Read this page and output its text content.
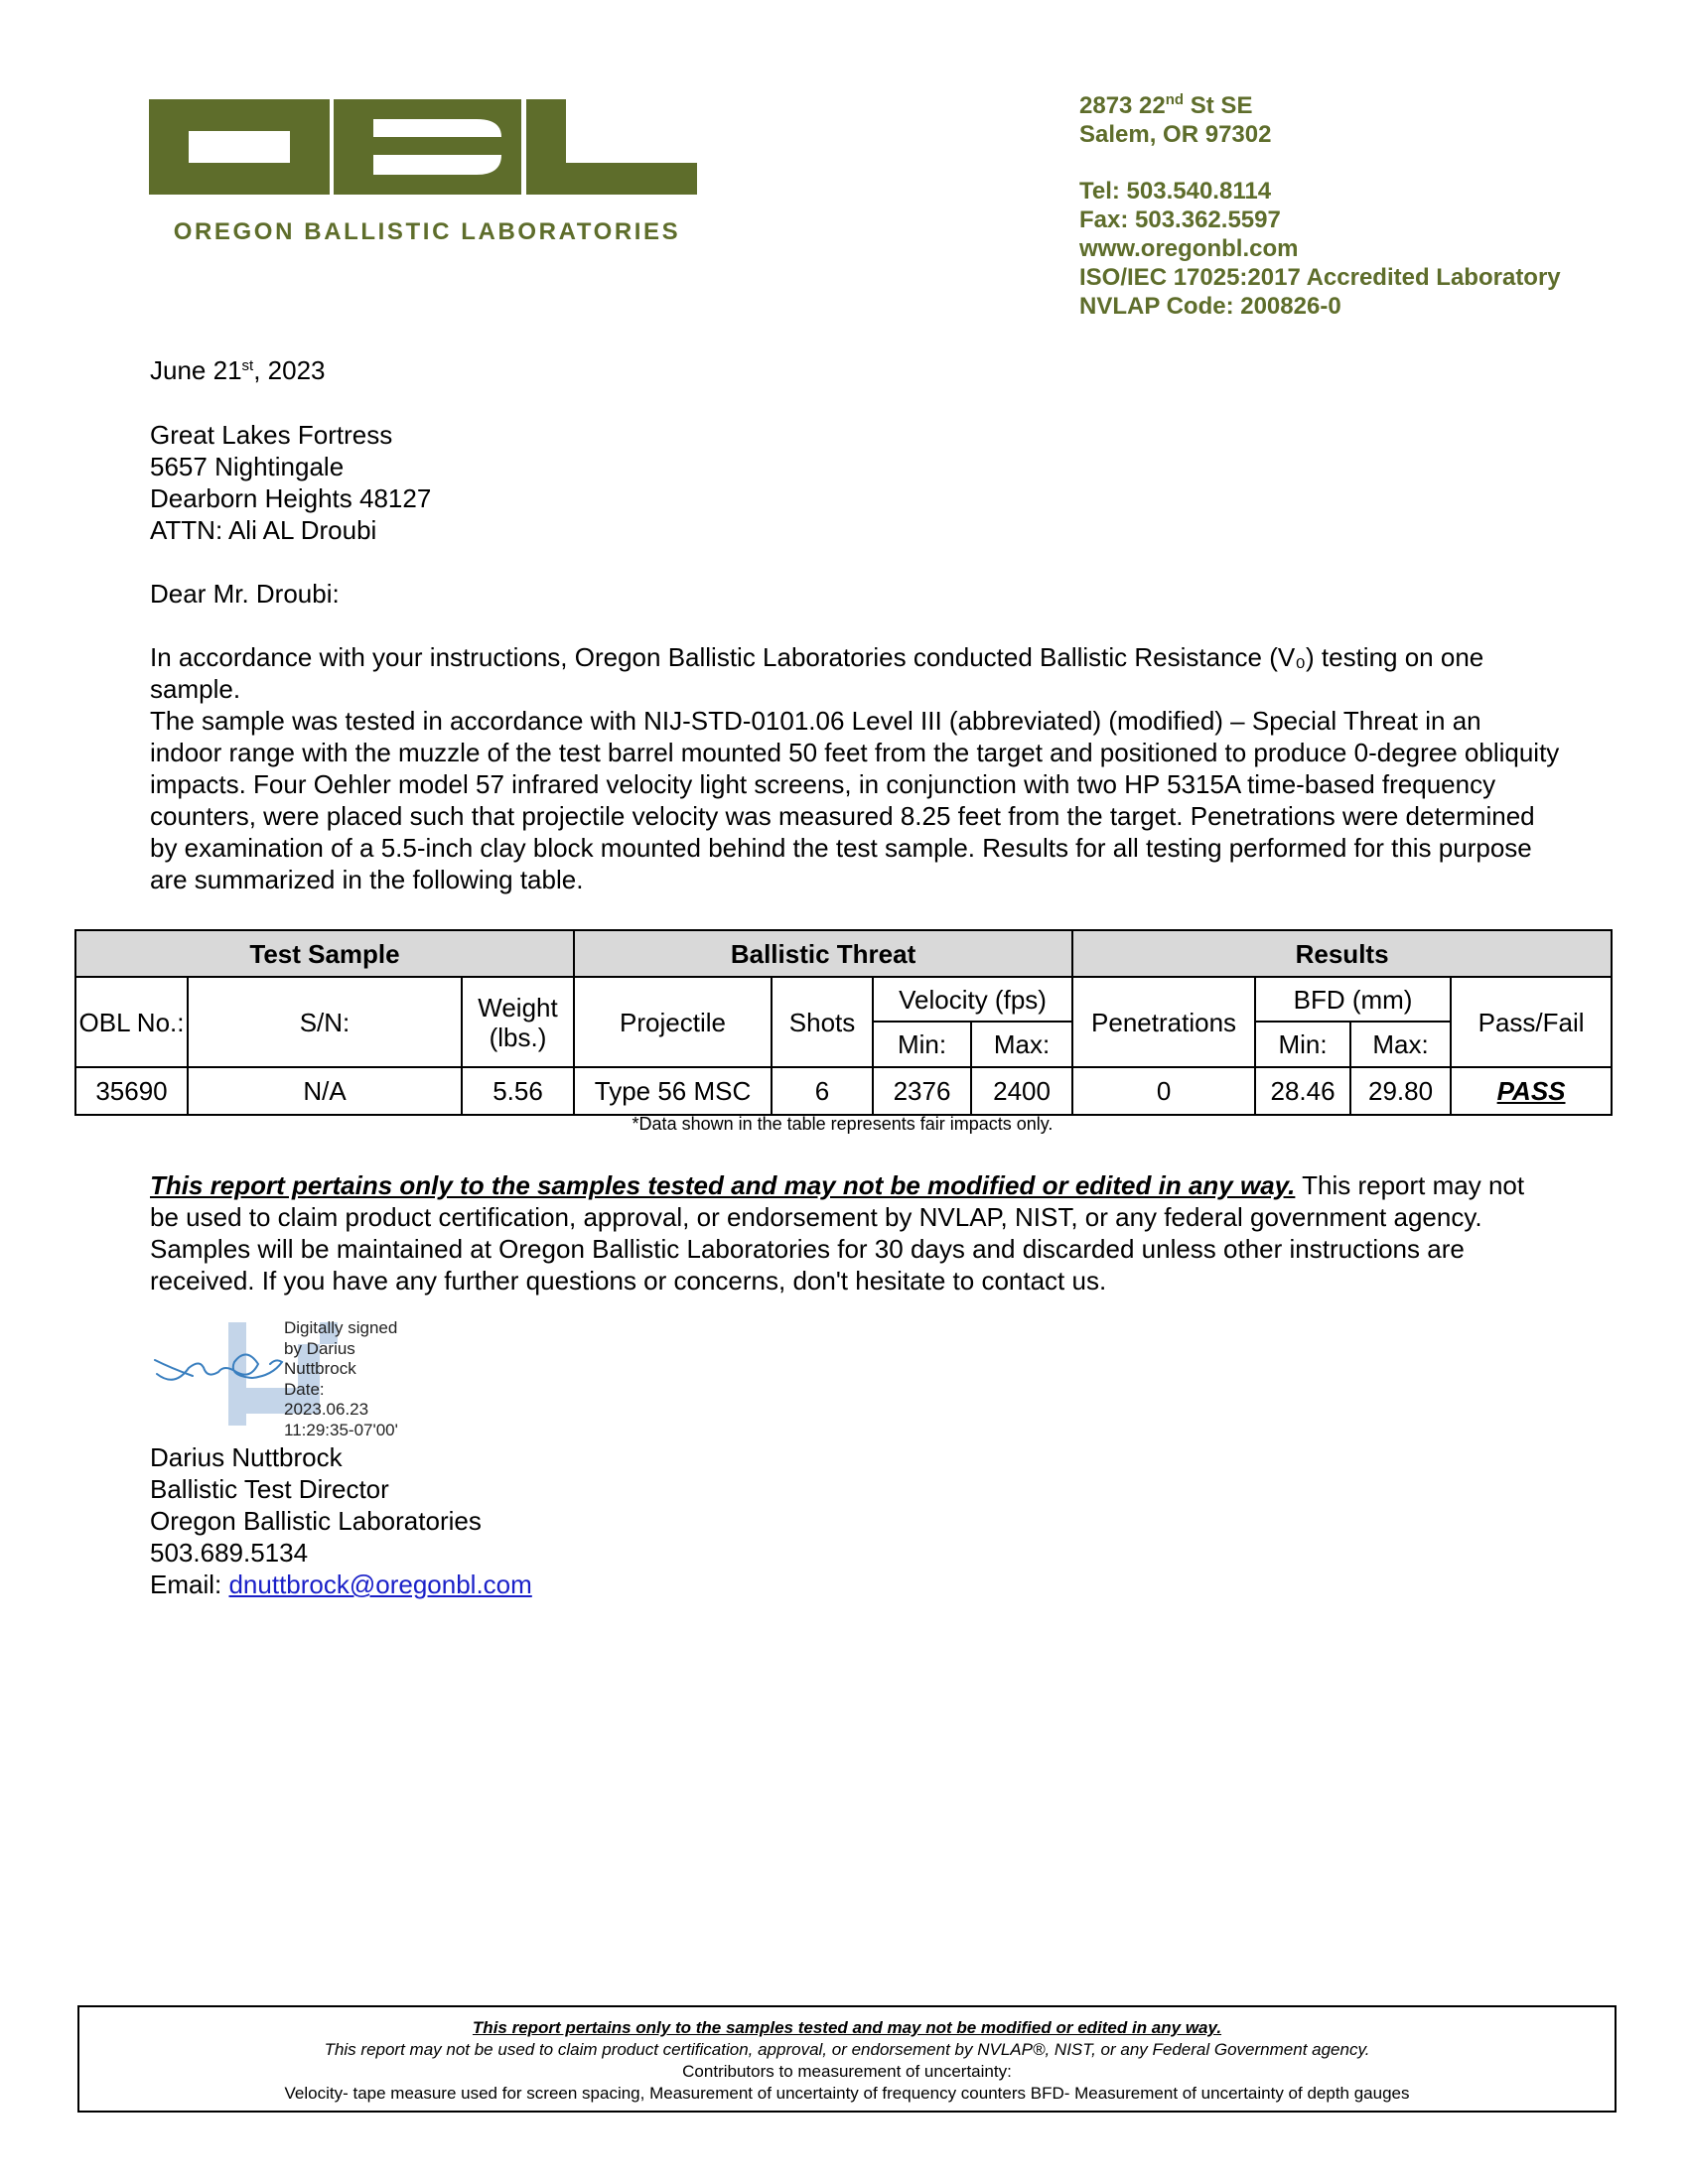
OREGON BALLISTIC LABORATORIES
2873 22nd St SE
Salem, OR 97302
Tel: 503.540.8114
Fax: 503.362.5597
www.oregonbl.com
ISO/IEC 17025:2017 Accredited Laboratory
NVLAP Code: 200826-0
June 21st, 2023
Great Lakes Fortress
5657 Nightingale
Dearborn Heights 48127
ATTN: Ali AL Droubi
Dear Mr. Droubi:
In accordance with your instructions, Oregon Ballistic Laboratories conducted Ballistic Resistance (V₀) testing on one sample.
The sample was tested in accordance with NIJ-STD-0101.06 Level III (abbreviated) (modified) – Special Threat in an indoor range with the muzzle of the test barrel mounted 50 feet from the target and positioned to produce 0-degree obliquity impacts. Four Oehler model 57 infrared velocity light screens, in conjunction with two HP 5315A time-based frequency counters, were placed such that projectile velocity was measured 8.25 feet from the target. Penetrations were determined by examination of a 5.5-inch clay block mounted behind the test sample. Results for all testing performed for this purpose are summarized in the following table.
Test Sample			Ballistic Threat				Results			
OBL No.:	S/N:	Weight (lbs.)	Projectile	Shots	Velocity (fps)		Penetrations	BFD (mm)		Pass/Fail
					Min:	Max:		Min:	Max:	
35690	N/A	5.56	Type 56 MSC	6	2376	2400	0	28.46	29.80	PASS
*Data shown in the table represents fair impacts only.
This report pertains only to the samples tested and may not be modified or edited in any way. This report may not be used to claim product certification, approval, or endorsement by NVLAP, NIST, or any federal government agency. Samples will be maintained at Oregon Ballistic Laboratories for 30 days and discarded unless other instructions are received. If you have any further questions or concerns, don't hesitate to contact us.
Digitally signed
by Darius
Nuttbrock
Date:
2023.06.23
11:29:35-07'00'
Darius Nuttbrock
Ballistic Test Director
Oregon Ballistic Laboratories
503.689.5134
Email: dnuttbrock@oregonbl.com
This report pertains only to the samples tested and may not be modified or edited in any way.
This report may not be used to claim product certification, approval, or endorsement by NVLAP®, NIST, or any Federal Government agency.
Contributors to measurement of uncertainty:
Velocity- tape measure used for screen spacing, Measurement of uncertainty of frequency counters BFD- Measurement of uncertainty of depth gauges
